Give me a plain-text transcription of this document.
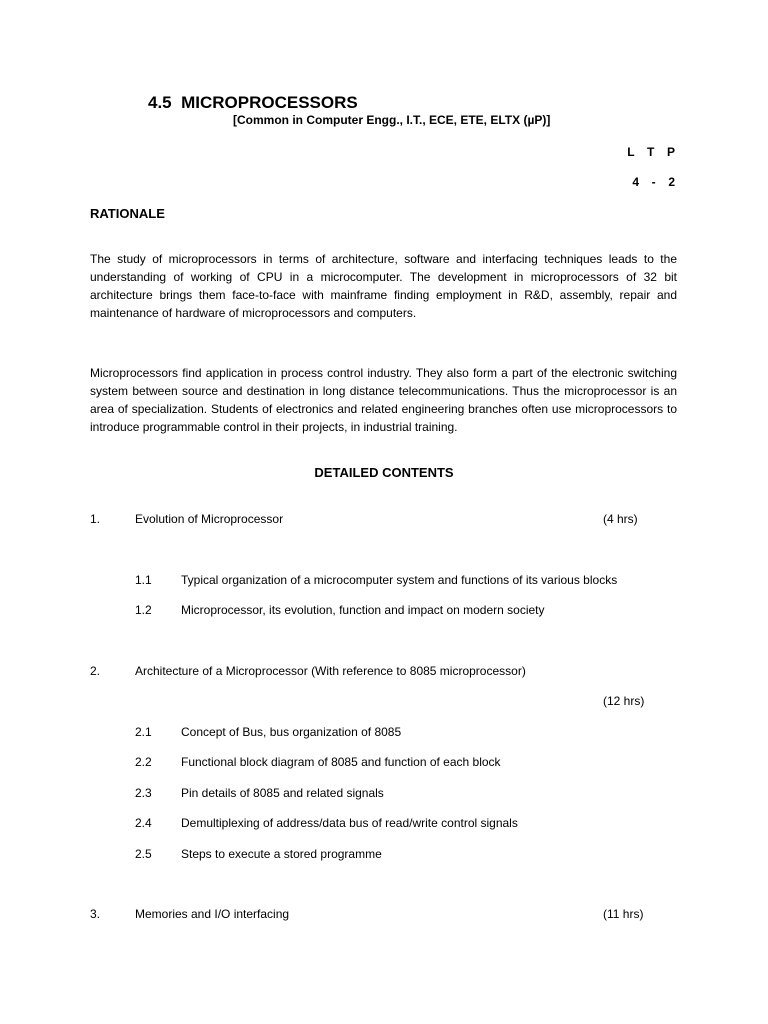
4.5  MICROPROCESSORS
[Common in Computer Engg., I.T., ECE, ETE, ELTX (µP)]
L  T  P
4  -  2
RATIONALE
The study of microprocessors in terms of architecture, software and interfacing techniques leads to the understanding of working of CPU in a microcomputer. The development in microprocessors of 32 bit architecture brings them face-to-face with mainframe finding employment in R&D, assembly, repair and maintenance of hardware of microprocessors and computers.
Microprocessors find application in process control industry. They also form a part of the electronic switching system between source and destination in long distance telecommunications. Thus the microprocessor is an area of specialization. Students of electronics and related engineering branches often use microprocessors to introduce programmable control in their projects, in industrial training.
DETAILED CONTENTS
1.	Evolution of Microprocessor	(4 hrs)
1.1 Typical organization of a microcomputer system and functions of its various blocks
1.2 Microprocessor, its evolution, function and impact on modern society
2.	Architecture of a Microprocessor (With reference to 8085 microprocessor)
(12 hrs)
2.1 Concept of Bus, bus organization of 8085
2.2 Functional block diagram of 8085 and function of each block
2.3 Pin details of 8085 and related signals
2.4 Demultiplexing of address/data bus of read/write control signals
2.5 Steps to execute a stored programme
3.	Memories and I/O interfacing	(11 hrs)
